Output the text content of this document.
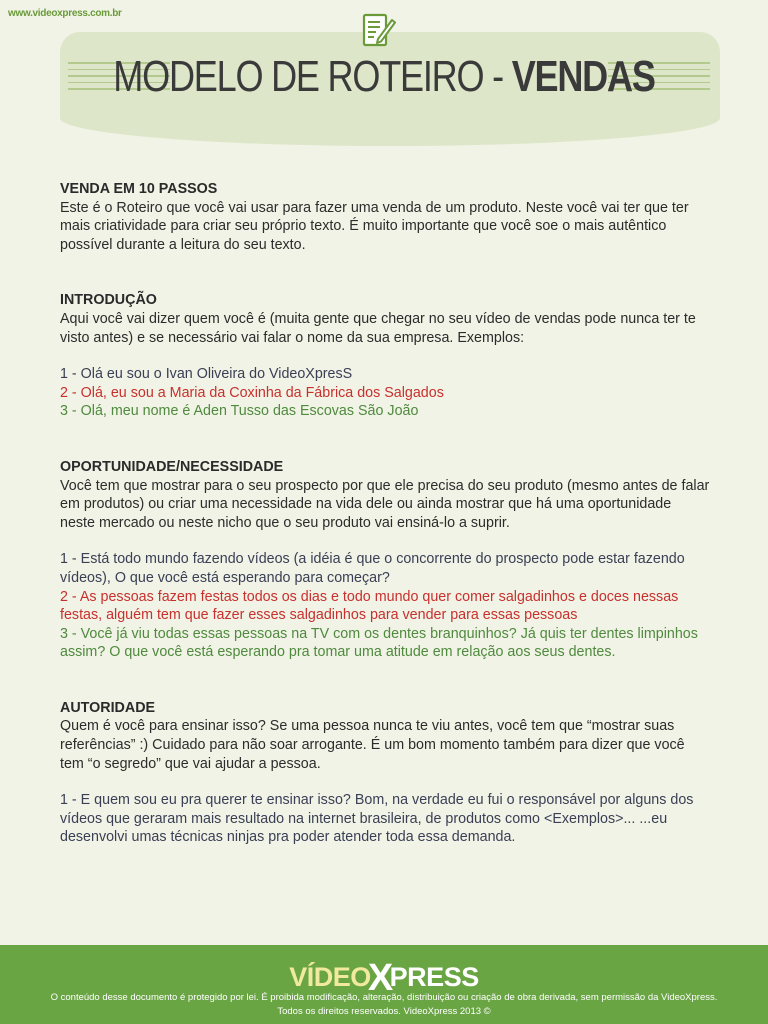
www.videoxpress.com.br
MODELO DE ROTEIRO - VENDAS
VENDA EM 10 PASSOS

Este é o Roteiro que você vai usar para fazer uma venda de um produto. Neste você vai ter que ter mais criatividade para criar seu próprio texto. É muito importante que você soe o mais autêntico possível durante a leitura do seu texto.

INTRODUÇÃO

Aqui você vai dizer quem você é (muita gente que chegar no seu vídeo de vendas pode nunca ter te visto antes) e se necessário vai falar o nome da sua empresa. Exemplos:

1 - Olá eu sou o Ivan Oliveira do VideoXpresS
2 - Olá, eu sou a Maria da Coxinha da Fábrica dos Salgados
3 - Olá, meu nome é Aden Tusso das Escovas São João
OPORTUNIDADE/NECESSIDADE

Você tem que mostrar para o seu prospecto por que ele precisa do seu produto (mesmo antes de falar em produtos) ou criar uma necessidade na vida dele ou ainda mostrar que há uma oportunidade neste mercado ou neste nicho que o seu produto vai ensiná-lo a suprir.

1 - Está todo mundo fazendo vídeos (a idéia é que o concorrente do prospecto pode estar fazendo vídeos), O que você está esperando para começar?
2 - As pessoas fazem festas todos os dias e todo mundo quer comer salgadinhos e doces nessas festas, alguém tem que fazer esses salgadinhos para vender para essas pessoas
3 - Você já viu todas essas pessoas na TV com os dentes branquinhos? Já quis ter dentes limpinhos assim? O que você está esperando pra tomar uma atitude em relação aos seus dentes.
AUTORIDADE

Quem é você para ensinar isso? Se uma pessoa nunca te viu antes, você tem que “mostrar suas referências” :) Cuidado para não soar arrogante. É um bom momento também para dizer que você tem “o segredo” que vai ajudar a pessoa.

1 - E quem sou eu pra querer te ensinar isso? Bom, na verdade eu fui o responsável por alguns dos vídeos que geraram mais resultado na internet brasileira, de produtos como <Exemplos>... ...eu desenvolvi umas técnicas ninjas pra poder atender toda essa demanda.
VÍDEOXPRESS
O conteúdo desse documento é protegido por lei. É proibida modificação, alteração, distribuição ou criação de obra derivada, sem permissão da VideoXpress.
Todos os direitos reservados. VideoXpress 2013 ©
